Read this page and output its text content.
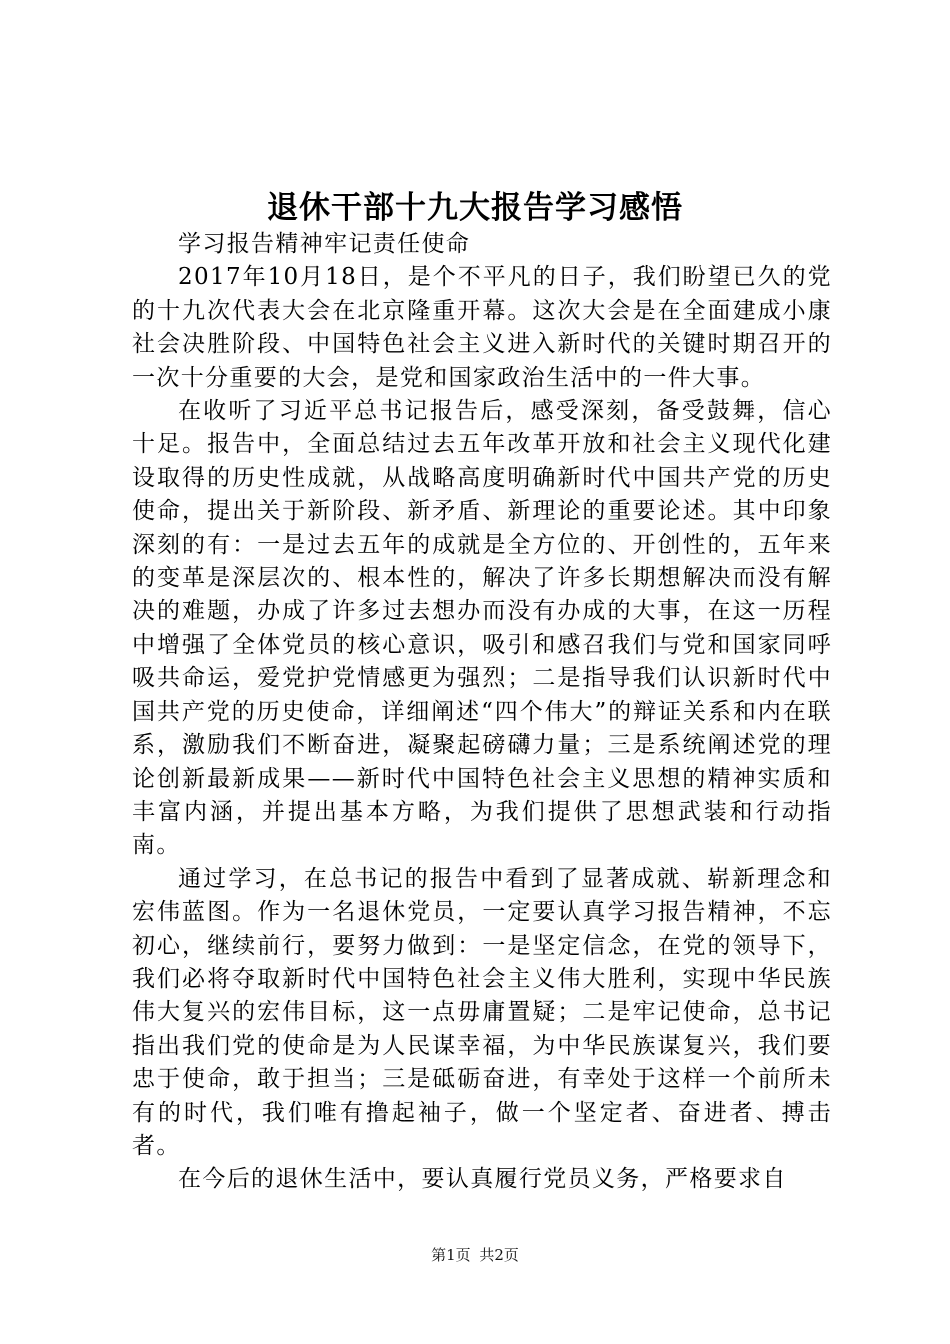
退休干部十九大报告学习感悟

学习报告精神牢记责任使命

2017年10月18日，是个不平凡的日子，我们盼望已久的党的十九次代表大会在北京隆重开幕。这次大会是在全面建成小康社会决胜阶段、中国特色社会主义进入新时代的关键时期召开的一次十分重要的大会，是党和国家政治生活中的一件大事。

在收听了习近平总书记报告后，感受深刻，备受鼓舞，信心十足。报告中，全面总结过去五年改革开放和社会主义现代化建设取得的历史性成就，从战略高度明确新时代中国共产党的历史使命，提出关于新阶段、新矛盾、新理论的重要论述。其中印象深刻的有：一是过去五年的成就是全方位的、开创性的，五年来的变革是深层次的、根本性的，解决了许多长期想解决而没有解决的难题，办成了许多过去想办而没有办成的大事，在这一历程中增强了全体党员的核心意识，吸引和感召我们与党和国家同呼吸共命运，爱党护党情感更为强烈；二是指导我们认识新时代中国共产党的历史使命，详细阐述“四个伟大”的辩证关系和内在联系，激励我们不断奋进，凝聚起磅礴力量；三是系统阐述党的理论创新最新成果——新时代中国特色社会主义思想的精神实质和丰富内涵，并提出基本方略，为我们提供了思想武装和行动指南。

通过学习，在总书记的报告中看到了显著成就、崭新理念和宏伟蓝图。作为一名退休党员，一定要认真学习报告精神，不忘初心，继续前行，要努力做到：一是坚定信念，在党的领导下，我们必将夺取新时代中国特色社会主义伟大胜利，实现中华民族伟大复兴的宏伟目标，这一点毋庸置疑；二是牢记使命，总书记指出我们党的使命是为人民谋幸福，为中华民族谋复兴，我们要忠于使命，敢于担当；三是砥砺奋进，有幸处于这样一个前所未有的时代，我们唯有撸起袖子，做一个坚定者、奋进者、搏击者。

在今后的退休生活中，要认真履行党员义务，严格要求自

第1页 共2页
